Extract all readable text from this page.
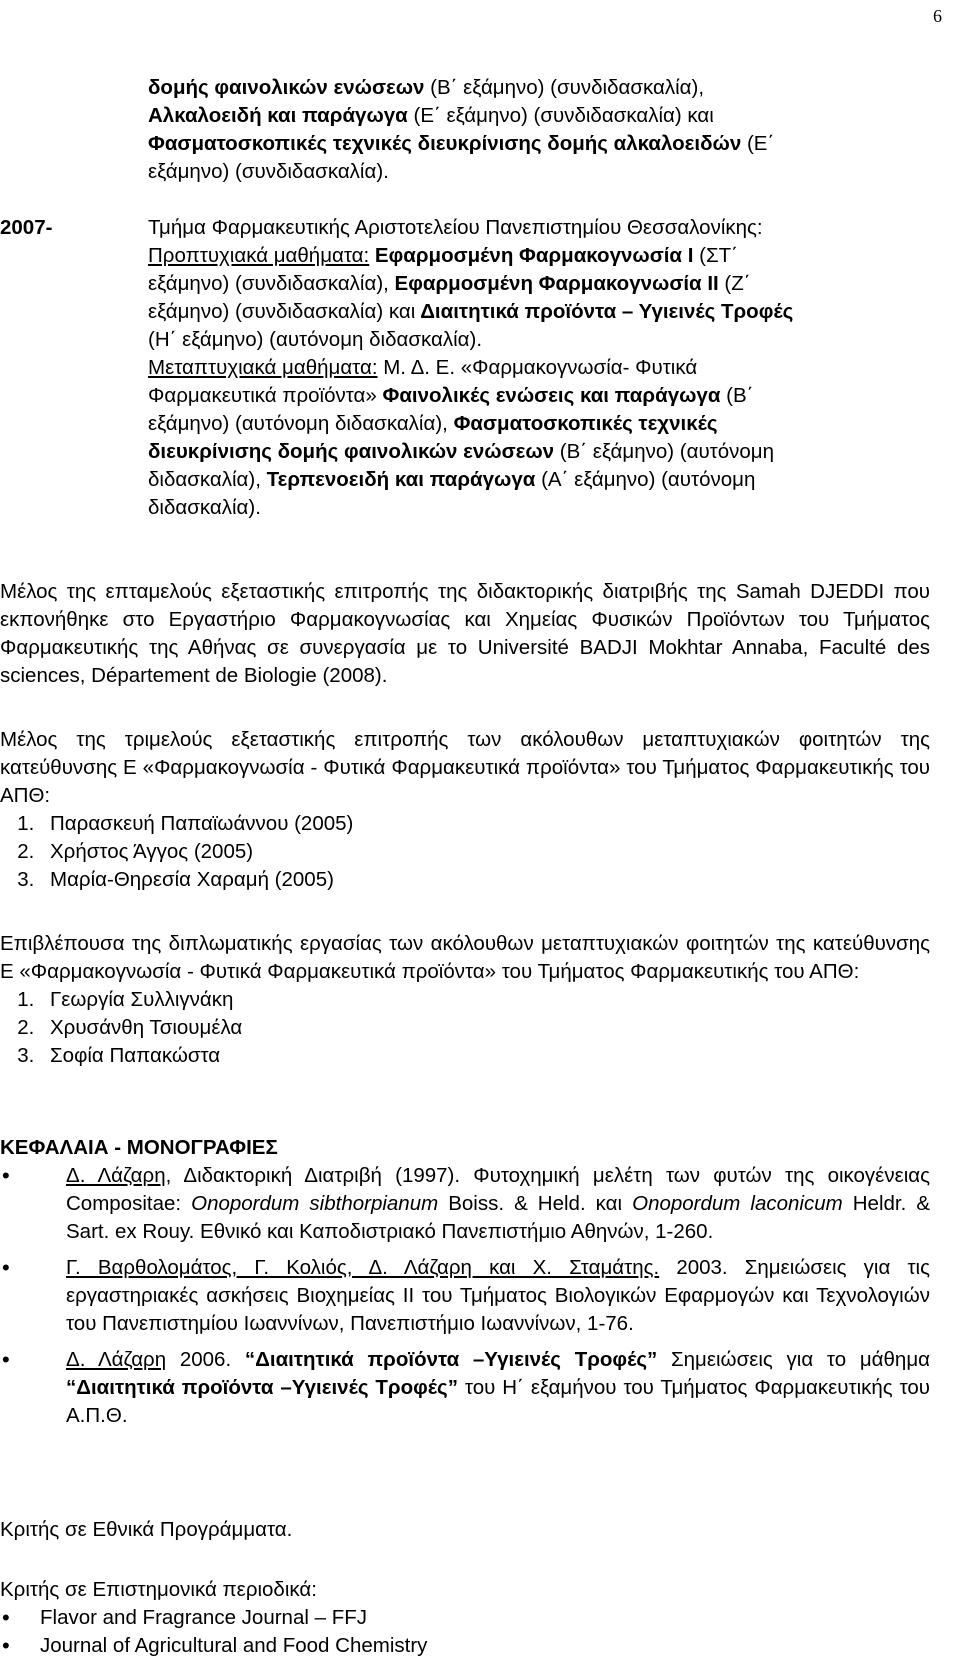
6
δομής φαινολικών ενώσεων (Β΄ εξάμηνο) (συνδιδασκαλία),
Αλκαλοειδή και παράγωγα (Ε΄ εξάμηνο) (συνδιδασκαλία) και
Φασματοσκοπικές τεχνικές διευκρίνισης δομής αλκαλοειδών (Ε΄
εξάμηνο) (συνδιδασκαλία).
2007-	Τμήμα Φαρμακευτικής Αριστοτελείου Πανεπιστημίου Θεσσαλονίκης:
Προπτυχιακά μαθήματα: Εφαρμοσμένη Φαρμακογνωσία Ι (ΣΤ΄
εξάμηνο) (συνδιδασκαλία), Εφαρμοσμένη Φαρμακογνωσία ΙΙ (Ζ΄
εξάμηνο) (συνδιδασκαλία) και Διαιτητικά προϊόντα – Υγιεινές Τροφές
(Η΄ εξάμηνο) (αυτόνομη διδασκαλία).
Μεταπτυχιακά μαθήματα: Μ. Δ. Ε. «Φαρμακογνωσία- Φυτικά
Φαρμακευτικά προϊόντα» Φαινολικές ενώσεις και παράγωγα (Β΄
εξάμηνο) (αυτόνομη διδασκαλία), Φασματοσκοπικές τεχνικές
διευκρίνισης δομής φαινολικών ενώσεων (Β΄ εξάμηνο) (αυτόνομη
διδασκαλία), Τερπενοειδή και παράγωγα (Α΄ εξάμηνο) (αυτόνομη
διδασκαλία).

Μέλος της επταμελούς εξεταστικής επιτροπής της διδακτορικής διατριβής της Samah DJEDDI που εκπονήθηκε στο Εργαστήριο Φαρμακογνωσίας και Χημείας Φυσικών Προϊόντων του Τμήματος Φαρμακευτικής της Αθήνας σε συνεργασία με το Université BADJI Mokhtar Annaba, Faculté des sciences, Département de Biologie (2008).

Μέλος της τριμελούς εξεταστικής επιτροπής των ακόλουθων μεταπτυχιακών φοιτητών της κατεύθυνσης Ε «Φαρμακογνωσία - Φυτικά Φαρμακευτικά προϊόντα» του Τμήματος Φαρμακευτικής του ΑΠΘ:

1. Παρασκευή Παπαϊωάννου (2005)
2. Χρήστος Άγγος (2005)
3. Μαρία-Θηρεσία Χαραμή (2005)

Επιβλέπουσα της διπλωματικής εργασίας των ακόλουθων μεταπτυχιακών φοιτητών της κατεύθυνσης Ε «Φαρμακογνωσία - Φυτικά Φαρμακευτικά προϊόντα» του Τμήματος Φαρμακευτικής του ΑΠΘ:

1. Γεωργία Συλλιγνάκη
2. Χρυσάνθη Τσιουμέλα
3. Σοφία Παπακώστα
ΚΕΦΑΛΑΙΑ - ΜΟΝΟΓΡΑΦΙΕΣ
• Δ. Λάζαρη, Διδακτορική Διατριβή (1997). Φυτοχημική μελέτη των φυτών της οικογένειας Compositae: Onopordum sibthorpianum Boiss. & Held. και Onopordum laconicum Heldr. & Sart. ex Rouy. Εθνικό και Καποδιστριακό Πανεπιστήμιο Αθηνών, 1-260.
• Γ. Βαρθολομάτος, Γ. Κολιός, Δ. Λάζαρη και Χ. Σταμάτης. 2003. Σημειώσεις για τις εργαστηριακές ασκήσεις Βιοχημείας ΙΙ του Τμήματος Βιολογικών Εφαρμογών και Τεχνολογιών του Πανεπιστημίου Ιωαννίνων, Πανεπιστήμιο Ιωαννίνων, 1-76.
• Δ. Λάζαρη 2006. “Διαιτητικά προϊόντα –Υγιεινές Τροφές” Σημειώσεις για το μάθημα “Διαιτητικά προϊόντα –Υγιεινές Τροφές” του Η΄ εξαμήνου του Τμήματος Φαρμακευτικής του Α.Π.Θ.

Κριτής σε Εθνικά Προγράμματα.

Κριτής σε Επιστημονικά περιοδικά:

• Flavor and Fragrance Journal – FFJ
• Journal of Agricultural and Food Chemistry
